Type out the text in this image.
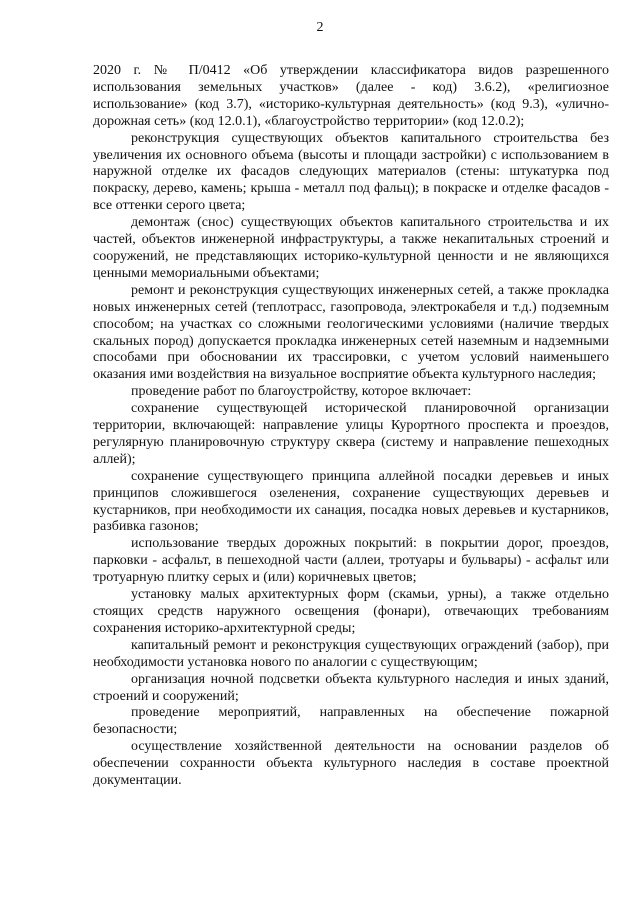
2

2020 г. № П/0412 «Об утверждении классификатора видов разрешенного использования земельных участков» (далее - код) 3.6.2), «религиозное использование» (код 3.7), «историко-культурная деятельность» (код 9.3), «улично-дорожная сеть» (код 12.0.1), «благоустройство территории» (код 12.0.2);

реконструкция существующих объектов капитального строительства без увеличения их основного объема (высоты и площади застройки) с использованием в наружной отделке их фасадов следующих материалов (стены: штукатурка под покраску, дерево, камень; крыша - металл под фальц); в покраске и отделке фасадов - все оттенки серого цвета;

демонтаж (снос) существующих объектов капитального строительства и их частей, объектов инженерной инфраструктуры, а также некапитальных строений и сооружений, не представляющих историко-культурной ценности и не являющихся ценными мемориальными объектами;

ремонт и реконструкция существующих инженерных сетей, а также прокладка новых инженерных сетей (теплотрасс, газопровода, электрокабеля и т.д.) подземным способом; на участках со сложными геологическими условиями (наличие твердых скальных пород) допускается прокладка инженерных сетей наземным и надземными способами при обосновании их трассировки, с учетом условий наименьшего оказания ими воздействия на визуальное восприятие объекта культурного наследия;

проведение работ по благоустройству, которое включает:

сохранение существующей исторической планировочной организации территории, включающей: направление улицы Курортного проспекта и проездов, регулярную планировочную структуру сквера (систему и направление пешеходных аллей);

сохранение существующего принципа аллейной посадки деревьев и иных принципов сложившегося озеленения, сохранение существующих деревьев и кустарников, при необходимости их санация, посадка новых деревьев и кустарников, разбивка газонов;

использование твердых дорожных покрытий: в покрытии дорог, проездов, парковки - асфальт, в пешеходной части (аллеи, тротуары и бульвары) - асфальт или тротуарную плитку серых и (или) коричневых цветов;

установку малых архитектурных форм (скамьи, урны), а также отдельно стоящих средств наружного освещения (фонари), отвечающих требованиям сохранения историко-архитектурной среды;

капитальный ремонт и реконструкция существующих ограждений (забор), при необходимости установка нового по аналогии с существующим;

организация ночной подсветки объекта культурного наследия и иных зданий, строений и сооружений;

проведение мероприятий, направленных на обеспечение пожарной безопасности;

осуществление хозяйственной деятельности на основании разделов об обеспечении сохранности объекта культурного наследия в составе проектной документации.
